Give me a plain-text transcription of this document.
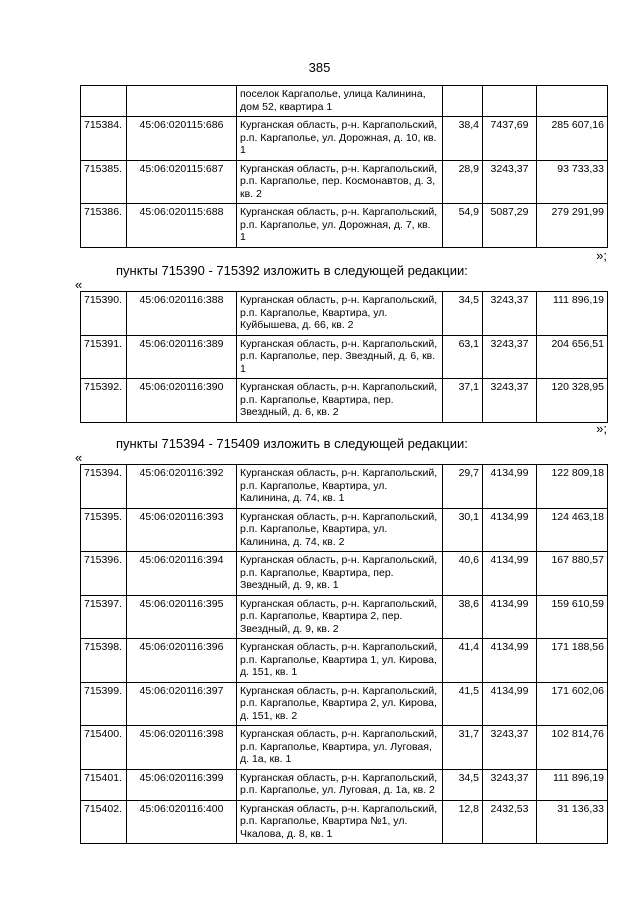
385
		поселок Каргаполье, улица Калинина, дом 52, квартира 1			
715384.	45:06:020115:686	Курганская область, р-н. Каргапольский, р.п. Каргаполье, ул. Дорожная, д. 10, кв. 1	38,4	7437,69	285 607,16
715385.	45:06:020115:687	Курганская область, р-н. Каргапольский, р.п. Каргаполье, пер. Космонавтов, д. 3, кв. 2	28,9	3243,37	93 733,33
715386.	45:06:020115:688	Курганская область, р-н. Каргапольский, р.п. Каргаполье, ул. Дорожная, д. 7, кв. 1	54,9	5087,29	279 291,99
»;
пункты 715390 - 715392 изложить в следующей редакции:
«
715390.	45:06:020116:388	Курганская область, р-н. Каргапольский, р.п. Каргаполье, Квартира, ул. Куйбышева, д. 66, кв. 2	34,5	3243,37	111 896,19
715391.	45:06:020116:389	Курганская область, р-н. Каргапольский, р.п. Каргаполье, пер. Звездный, д. 6, кв. 1	63,1	3243,37	204 656,51
715392.	45:06:020116:390	Курганская область, р-н. Каргапольский, р.п. Каргаполье, Квартира, пер. Звездный, д. 6, кв. 2	37,1	3243,37	120 328,95
»;
пункты 715394 - 715409 изложить в следующей редакции:
«
715394.	45:06:020116:392	Курганская область, р-н. Каргапольский, р.п. Каргаполье, Квартира, ул. Калинина, д. 74, кв. 1	29,7	4134,99	122 809,18
715395.	45:06:020116:393	Курганская область, р-н. Каргапольский, р.п. Каргаполье, Квартира, ул. Калинина, д. 74, кв. 2	30,1	4134,99	124 463,18
715396.	45:06:020116:394	Курганская область, р-н. Каргапольский, р.п. Каргаполье, Квартира, пер. Звездный, д. 9, кв. 1	40,6	4134,99	167 880,57
715397.	45:06:020116:395	Курганская область, р-н. Каргапольский, р.п. Каргаполье, Квартира 2, пер. Звездный, д. 9, кв. 2	38,6	4134,99	159 610,59
715398.	45:06:020116:396	Курганская область, р-н. Каргапольский, р.п. Каргаполье, Квартира 1, ул. Кирова, д. 151, кв. 1	41,4	4134,99	171 188,56
715399.	45:06:020116:397	Курганская область, р-н. Каргапольский, р.п. Каргаполье, Квартира 2, ул. Кирова, д. 151, кв. 2	41,5	4134,99	171 602,06
715400.	45:06:020116:398	Курганская область, р-н. Каргапольский, р.п. Каргаполье, Квартира, ул. Луговая, д. 1а, кв. 1	31,7	3243,37	102 814,76
715401.	45:06:020116:399	Курганская область, р-н. Каргапольский, р.п. Каргаполье, ул. Луговая, д. 1а, кв. 2	34,5	3243,37	111 896,19
715402.	45:06:020116:400	Курганская область, р-н. Каргапольский, р.п. Каргаполье, Квартира №1, ул. Чкалова, д. 8, кв. 1	12,8	2432,53	31 136,33
